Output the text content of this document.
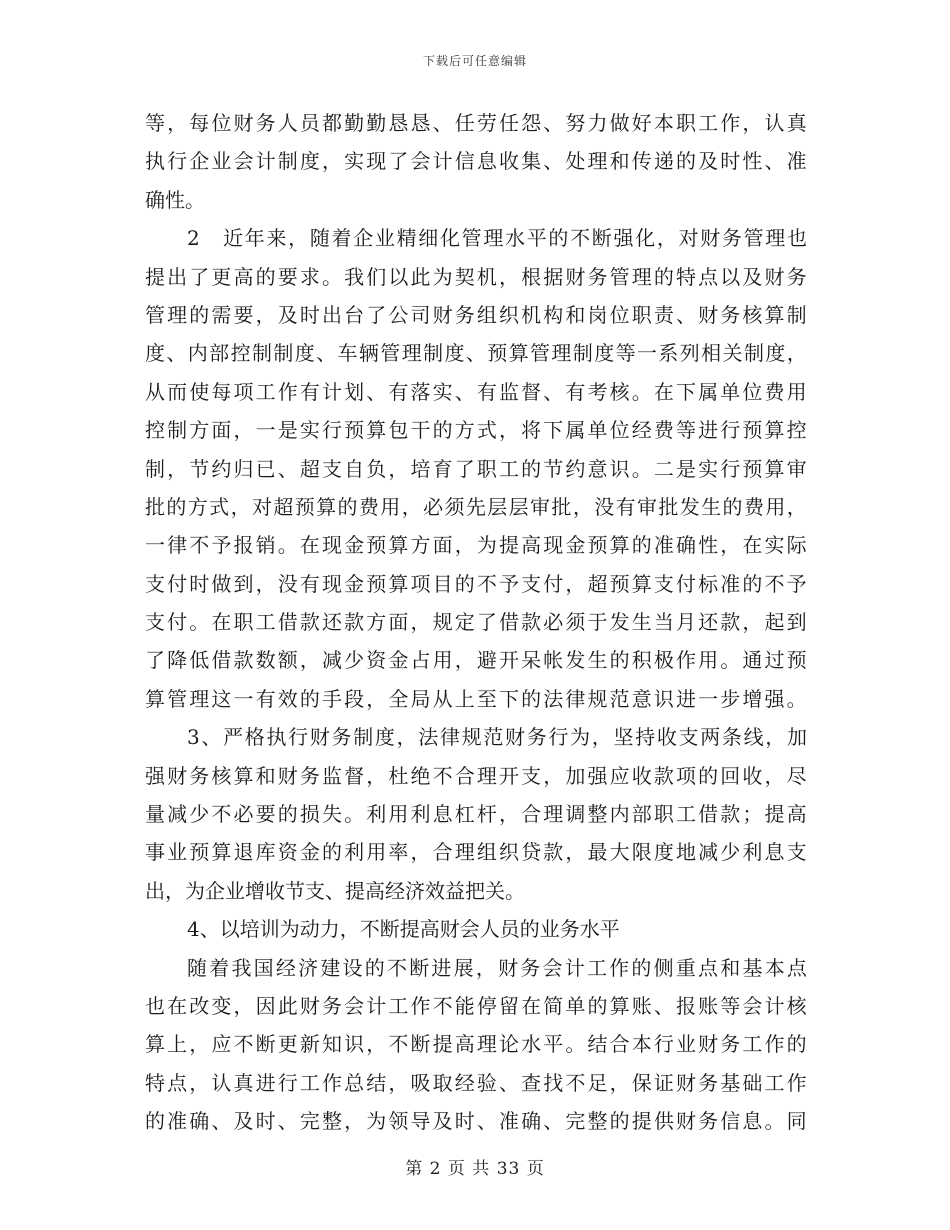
下载后可任意编辑
等 ， 每 位 财 务 人 员 都 勤 勤 恳 恳 、 任 劳 任 怨 、 努 力 做 好 本 职 工 作 ， 认 真
执 行 企 业 会 计 制 度 ， 实 现 了 会 计 信 息 收 集 、 处 理 和 传 递 的 及 时 性 、 准
确性。
2
　 近 年 来 ， 随 着 企 业 精 细 化 管 理 水 平 的 不 断 强 化 ， 对 财 务 管 理 也
提 出 了 更 高 的 要 求 。 我 们 以 此 为 契 机 ， 根 据 财 务 管 理 的 特 点 以 及 财 务
管 理 的 需 要 ， 及 时 出 台 了 公 司 财 务 组 织 机 构 和 岗 位 职 责 、 财 务 核 算 制
度 、 内 部 控 制 制 度 、 车 辆 管 理 制 度 、 预 算 管 理 制 度 等 一 系 列 相 关 制 度 ，
从 而 使 每 项 工 作 有 计 划 、 有 落 实 、 有 监 督 、 有 考 核 。 在 下 属 单 位 费 用
控 制 方 面 ， 一 是 实 行 预 算 包 干 的 方 式 ， 将 下 属 单 位 经 费 等 进 行 预 算 控
制 ， 节 约 归 已 、 超 支 自 负 ， 培 育 了 职 工 的 节 约 意 识 。 二 是 实 行 预 算 审
批 的 方 式 ， 对 超 预 算 的 费 用 ， 必 须 先 层 层 审 批 ， 没 有 审 批 发 生 的 费 用 ，
一 律 不 予 报 销 。 在 现 金 预 算 方 面 ， 为 提 高 现 金 预 算 的 准 确 性 ， 在 实 际
支 付 时 做 到 ， 没 有 现 金 预 算 项 目 的 不 予 支 付 ， 超 预 算 支 付 标 准 的 不 予
支 付 。 在 职 工 借 款 还 款 方 面 ， 规 定 了 借 款 必 须 于 发 生 当 月 还 款 ， 起 到
了 降 低 借 款 数 额 ， 减 少 资 金 占 用 ， 避 开 呆 帐 发 生 的 积 极 作 用 。 通 过 预
算 管 理 这 一 有 效 的 手 段 ， 全 局 从 上 至 下 的 法 律 规 范 意 识 进 一 步 增 强 。
3 、 严 格 执 行 财 务 制 度 ， 法 律 规 范 财 务 行 为 ， 坚 持 收 支 两 条 线 ， 加
强 财 务 核 算 和 财 务 监 督 ， 杜 绝 不 合 理 开 支 ， 加 强 应 收 款 项 的 回 收 ， 尽
量 减 少 不 必 要 的 损 失 。 利 用 利 息 杠 杆 ， 合 理 调 整 内 部 职 工 借 款 ； 提 高
事 业 预 算 退 库 资 金 的 利 用 率 ， 合 理 组 织 贷 款 ， 最 大 限 度 地 减 少 利 息 支
出，为企业增收节支、提高经济效益把关。
4、以培训为动力，不断提高财会人员的业务水平
随 着 我 国 经 济 建 设 的 不 断 进 展 ， 财 务 会 计 工 作 的 侧 重 点 和 基 本 点
也 在 改 变 ， 因 此 财 务 会 计 工 作 不 能 停 留 在 简 单 的 算 账 、 报 账 等 会 计 核
算 上 ， 应 不 断 更 新 知 识 ， 不 断 提 高 理 论 水 平 。 结 合 本 行 业 财 务 工 作 的
特 点 ， 认 真 进 行 工 作 总 结 ， 吸 取 经 验 、 查 找 不 足 ， 保 证 财 务 基 础 工 作
的 准 确 、 及 时 、 完 整 ， 为 领 导 及 时 、 准 确 、 完 整 的 提 供 财 务 信 息 。 同
第 2 页 共 33 页
